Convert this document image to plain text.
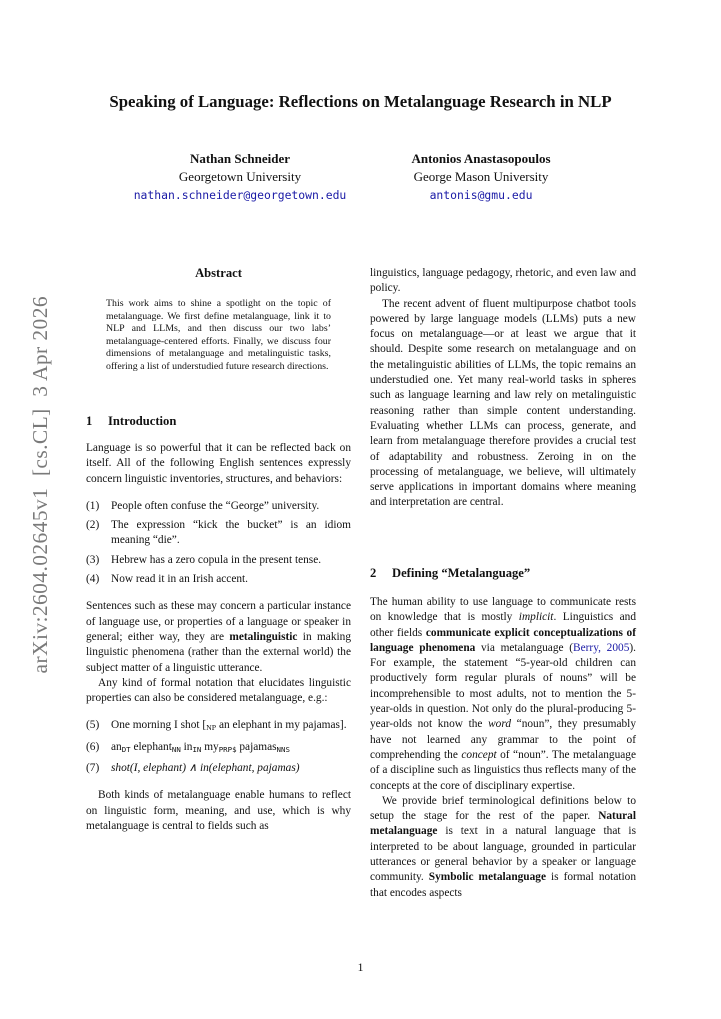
Speaking of Language: Reflections on Metalanguage Research in NLP
Nathan Schneider
Georgetown University
nathan.schneider@georgetown.edu
Antonios Anastasopoulos
George Mason University
antonis@gmu.edu
arXiv:2604.02645v1  [cs.CL]  3 Apr 2026
Abstract
This work aims to shine a spotlight on the topic of metalanguage. We first define metalanguage, link it to NLP and LLMs, and then discuss our two labs’ metalanguage-centered efforts. Finally, we discuss four dimensions of metalanguage and metalinguistic tasks, offering a list of understudied future research directions.
1 Introduction

Language is so powerful that it can be reflected back on itself. All of the following English sentences expressly concern linguistic inventories, structures, and behaviors:

(1)	People often confuse the “George” university.
(2)	The expression “kick the bucket” is an idiom meaning “die”.
(3)	Hebrew has a zero copula in the present tense.
(4)	Now read it in an Irish accent.

Sentences such as these may concern a particular instance of language use, or properties of a language or speaker in general; either way, they are metalinguistic in making linguistic phenomena (rather than the external world) the subject matter of a linguistic utterance.

Any kind of formal notation that elucidates linguistic properties can also be considered metalanguage, e.g.:

(5)	One morning I shot [$_{NP}$ an elephant in my pajamas].
(6)	anDT elephantNN inIN myPRP$ pajamasNNS
(7)	shot(I, elephant) ∧ in(elephant, pajamas)

Both kinds of metalanguage enable humans to reflect on linguistic form, meaning, and use, which is why metalanguage is central to fields such as

linguistics, language pedagogy, rhetoric, and even law and policy.

The recent advent of fluent multipurpose chatbot tools powered by large language models (LLMs) puts a new focus on metalanguage—or at least we argue that it should. Despite some research on metalanguage and on the metalinguistic abilities of LLMs, the topic remains an understudied one. Yet many real-world tasks in spheres such as language learning and law rely on metalinguistic reasoning rather than simple content understanding. Evaluating whether LLMs can process, generate, and learn from metalanguage therefore provides a crucial test of adaptability and robustness. Zeroing in on the processing of metalanguage, we believe, will ultimately serve applications in important domains where meaning and interpretation are central.

2 Defining “Metalanguage”

The human ability to use language to communicate rests on knowledge that is mostly implicit. Linguistics and other fields communicate explicit conceptualizations of language phenomena via metalanguage (Berry, 2005). For example, the statement “5-year-old children can productively form regular plurals of nouns” will be incomprehensible to most adults, not to mention the 5-year-olds in question. Not only do the plural-producing 5-year-olds not know the word “noun”, they presumably have not learned any grammar to the point of comprehending the concept of “noun”. The metalanguage of a discipline such as linguistics thus reflects many of the concepts at the core of disciplinary expertise.

We provide brief terminological definitions below to setup the stage for the rest of the paper. Natural metalanguage is text in a natural language that is interpreted to be about language, grounded in particular utterances or general behavior by a speaker or language community. Symbolic metalanguage is formal notation that encodes aspects

1
